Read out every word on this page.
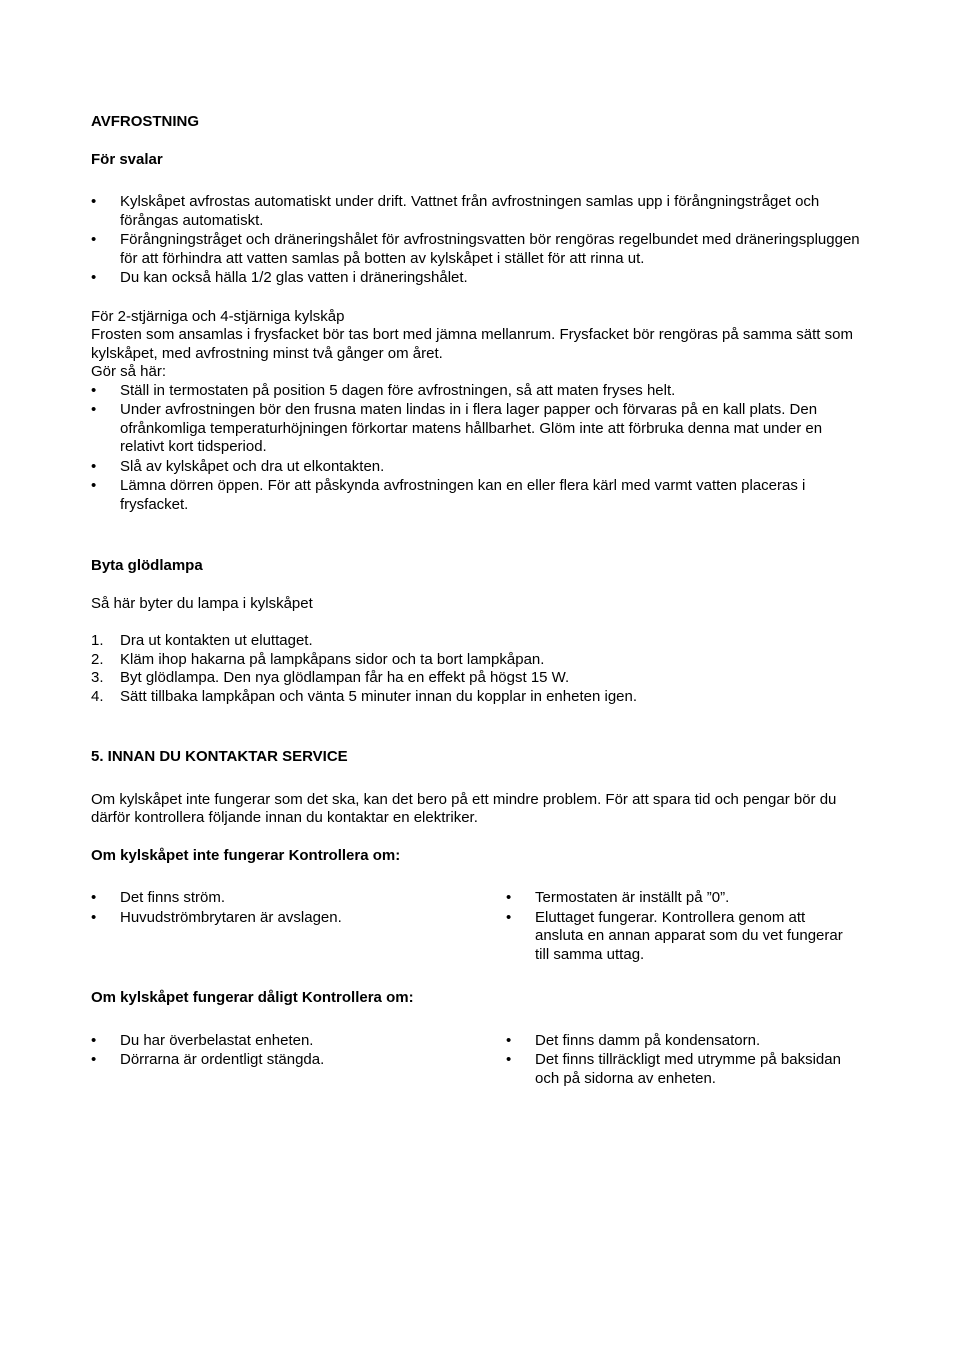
AVFROSTNING

För svalar

• Kylskåpet avfrostas automatiskt under drift. Vattnet från avfrostningen samlas upp i förångningstråget och förångas automatiskt.
• Förångningstråget och dräneringshålet för avfrostningsvatten bör rengöras regelbundet med dräneringspluggen för att förhindra att vatten samlas på botten av kylskåpet i stället för att rinna ut.
• Du kan också hälla 1/2 glas vatten i dräneringshålet.

För 2-stjärniga och 4-stjärniga kylskåp

Frosten som ansamlas i frysfacket bör tas bort med jämna mellanrum. Frysfacket bör rengöras på samma sätt som kylskåpet, med avfrostning minst två gånger om året.

Gör så här:

• Ställ in termostaten på position 5 dagen före avfrostningen, så att maten fryses helt.
• Under avfrostningen bör den frusna maten lindas in i flera lager papper och förvaras på en kall plats. Den ofrånkomliga temperaturhöjningen förkortar matens hållbarhet. Glöm inte att förbruka denna mat under en relativt kort tidsperiod.
• Slå av kylskåpet och dra ut elkontakten.
• Lämna dörren öppen. För att påskynda avfrostningen kan en eller flera kärl med varmt vatten placeras i frysfacket.

Byta glödlampa

Så här byter du lampa i kylskåpet

1. Dra ut kontakten ut eluttaget.
2. Kläm ihop hakarna på lampkåpans sidor och ta bort lampkåpan.
3. Byt glödlampa. Den nya glödlampan får ha en effekt på högst 15 W.
4. Sätt tillbaka lampkåpan och vänta 5 minuter innan du kopplar in enheten igen.

5. INNAN DU KONTAKTAR SERVICE

Om kylskåpet inte fungerar som det ska, kan det bero på ett mindre problem. För att spara tid och pengar bör du därför kontrollera följande innan du kontaktar en elektriker.

Om kylskåpet inte fungerar Kontrollera om:

• Det finns ström.
• Huvudströmbrytaren är avslagen.
• Termostaten är inställt på ”0”.
• Eluttaget fungerar. Kontrollera genom att ansluta en annan apparat som du vet fungerar till samma uttag.

Om kylskåpet fungerar dåligt Kontrollera om:

• Du har överbelastat enheten.
• Dörrarna är ordentligt stängda.
• Det finns damm på kondensatorn.
• Det finns tillräckligt med utrymme på baksidan och på sidorna av enheten.
